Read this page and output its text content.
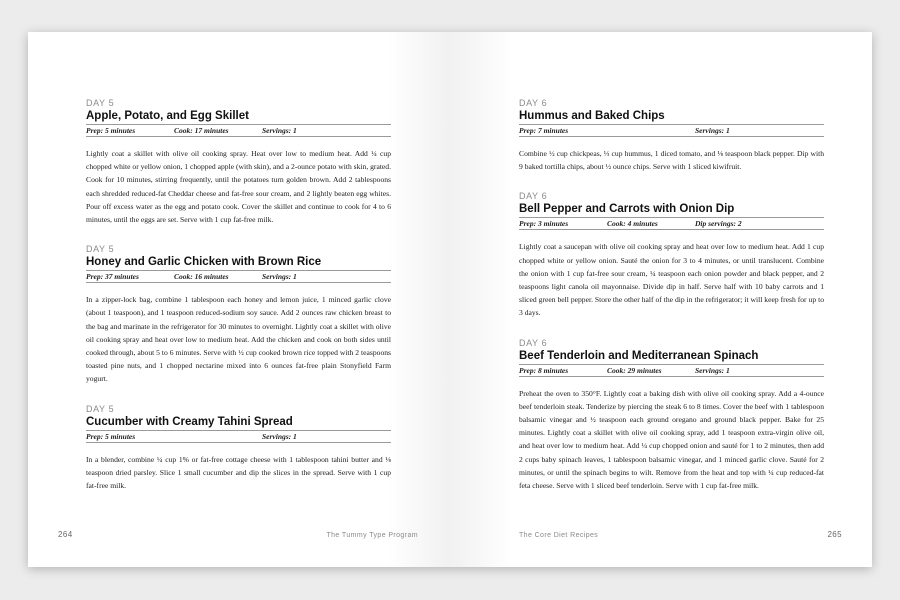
DAY 5
Apple, Potato, and Egg Skillet
Prep: 5 minutes	Cook: 17 minutes	Servings: 1

Lightly coat a skillet with olive oil cooking spray. Heat over low to medium heat. Add ¼ cup chopped white or yellow onion, 1 chopped apple (with skin), and a 2-ounce potato with skin, grated. Cook for 10 minutes, stirring frequently, until the potatoes turn golden brown. Add 2 tablespoons each shredded reduced-fat Cheddar cheese and fat-free sour cream, and 2 lightly beaten egg whites. Pour off excess water as the egg and potato cook. Cover the skillet and continue to cook for 4 to 6 minutes, until the eggs are set. Serve with 1 cup fat-free milk.

DAY 5
Honey and Garlic Chicken with Brown Rice
Prep: 37 minutes	Cook: 16 minutes	Servings: 1

In a zipper-lock bag, combine 1 tablespoon each honey and lemon juice, 1 minced garlic clove (about 1 teaspoon), and 1 teaspoon reduced-sodium soy sauce. Add 2 ounces raw chicken breast to the bag and marinate in the refrigerator for 30 minutes to overnight. Lightly coat a skillet with olive oil cooking spray and heat over low to medium heat. Add the chicken and cook on both sides until cooked through, about 5 to 6 minutes. Serve with ½ cup cooked brown rice topped with 2 teaspoons toasted pine nuts, and 1 chopped nectarine mixed into 6 ounces fat-free plain Stonyfield Farm yogurt.

DAY 5
Cucumber with Creamy Tahini Spread
Prep: 5 minutes	Servings: 1

In a blender, combine ¼ cup 1% or fat-free cottage cheese with 1 tablespoon tahini butter and ⅛ teaspoon dried parsley. Slice 1 small cucumber and dip the slices in the spread. Serve with 1 cup fat-free milk.

264	The Tummy Type Program
DAY 6
Hummus and Baked Chips
Prep: 7 minutes	Servings: 1

Combine ½ cup chickpeas, ⅓ cup hummus, 1 diced tomato, and ⅛ teaspoon black pepper. Dip with 9 baked tortilla chips, about ½ ounce chips. Serve with 1 sliced kiwifruit.

DAY 6
Bell Pepper and Carrots with Onion Dip
Prep: 3 minutes	Cook: 4 minutes	Dip servings: 2

Lightly coat a saucepan with olive oil cooking spray and heat over low to medium heat. Add 1 cup chopped white or yellow onion. Sauté the onion for 3 to 4 minutes, or until translucent. Combine the onion with 1 cup fat-free sour cream, ¼ teaspoon each onion powder and black pepper, and 2 teaspoons light canola oil mayonnaise. Divide dip in half. Serve half with 10 baby carrots and 1 sliced green bell pepper. Store the other half of the dip in the refrigerator; it will keep fresh for up to 3 days.

DAY 6
Beef Tenderloin and Mediterranean Spinach
Prep: 8 minutes	Cook: 29 minutes	Servings: 1

Preheat the oven to 350°F. Lightly coat a baking dish with olive oil cooking spray. Add a 4-ounce beef tenderloin steak. Tenderize by piercing the steak 6 to 8 times. Cover the beef with 1 tablespoon balsamic vinegar and ½ teaspoon each ground oregano and ground black pepper. Bake for 25 minutes. Lightly coat a skillet with olive oil cooking spray, add 1 teaspoon extra-virgin olive oil, and heat over low to medium heat. Add ¼ cup chopped onion and sauté for 1 to 2 minutes, then add 2 cups baby spinach leaves, 1 tablespoon balsamic vinegar, and 1 minced garlic clove. Sauté for 2 minutes, or until the spinach begins to wilt. Remove from the heat and top with ¼ cup reduced-fat feta cheese. Serve with 1 sliced beef tenderloin. Serve with 1 cup fat-free milk.

The Core Diet Recipes	265
